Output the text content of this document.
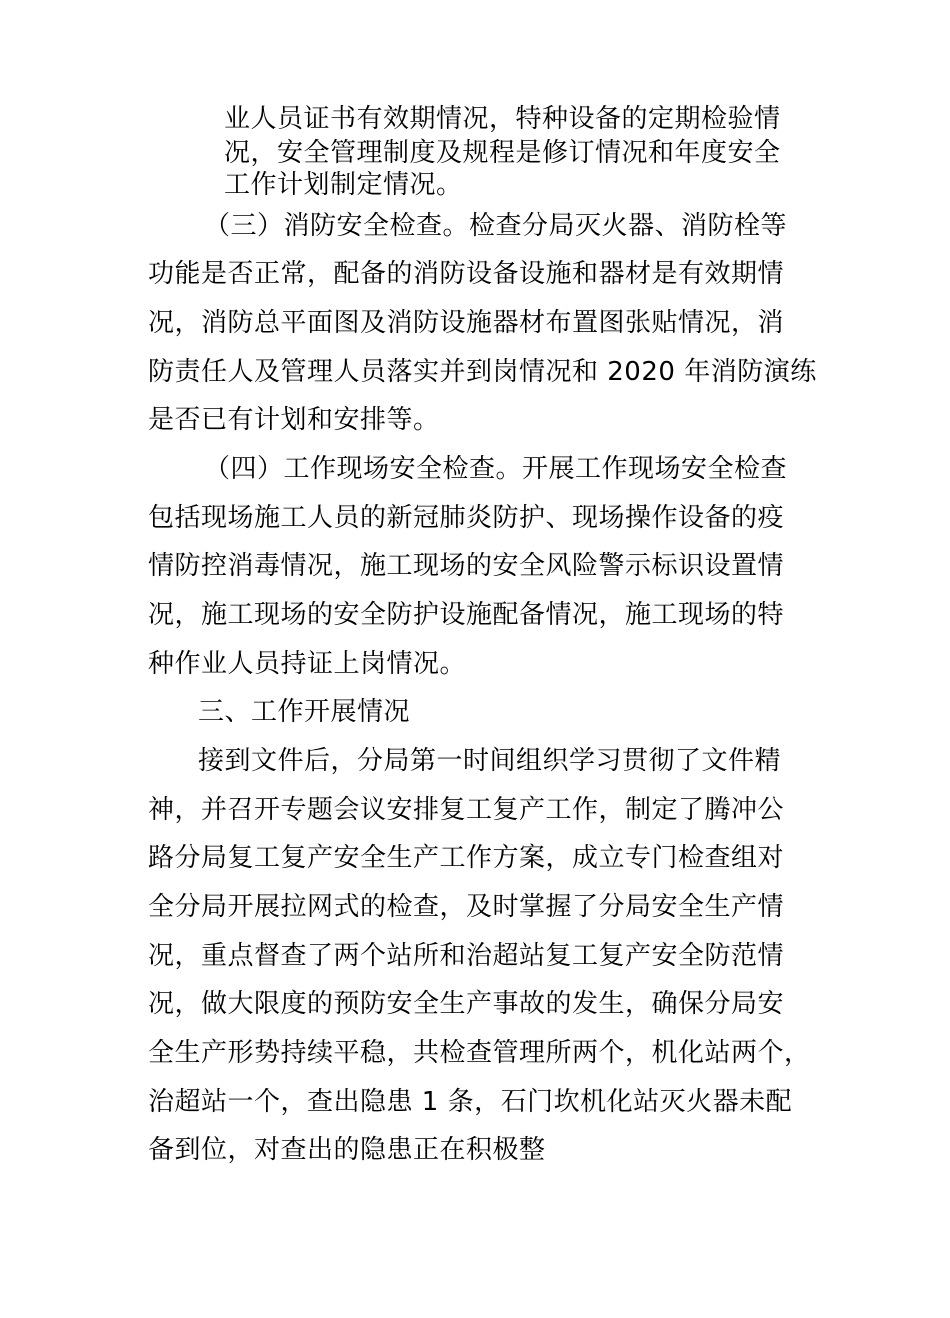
业人员证书有效期情况，特种设备的定期检验情
况，安全管理制度及规程是修订情况和年度安全
工作计划制定情况。
（三）消防安全检查。检查分局灭火器、消防栓等
功能是否正常，配备的消防设备设施和器材是有效期情
况，消防总平面图及消防设施器材布置图张贴情况，消
防责任人及管理人员落实并到岗情况和 2020 年消防演练
是否已有计划和安排等。
（四）工作现场安全检查。开展工作现场安全检查
包括现场施工人员的新冠肺炎防护、现场操作设备的疫
情防控消毒情况，施工现场的安全风险警示标识设置情
况，施工现场的安全防护设施配备情况，施工现场的特
种作业人员持证上岗情况。
三、工作开展情况
接到文件后，分局第一时间组织学习贯彻了文件精
神，并召开专题会议安排复工复产工作，制定了腾冲公
路分局复工复产安全生产工作方案，成立专门检查组对
全分局开展拉网式的检查，及时掌握了分局安全生产情
况，重点督查了两个站所和治超站复工复产安全防范情
况，做大限度的预防安全生产事故的发生，确保分局安
全生产形势持续平稳，共检查管理所两个，机化站两个，
治超站一个，查出隐患 1 条，石门坎机化站灭火器未配
备到位，对查出的隐患正在积极整
